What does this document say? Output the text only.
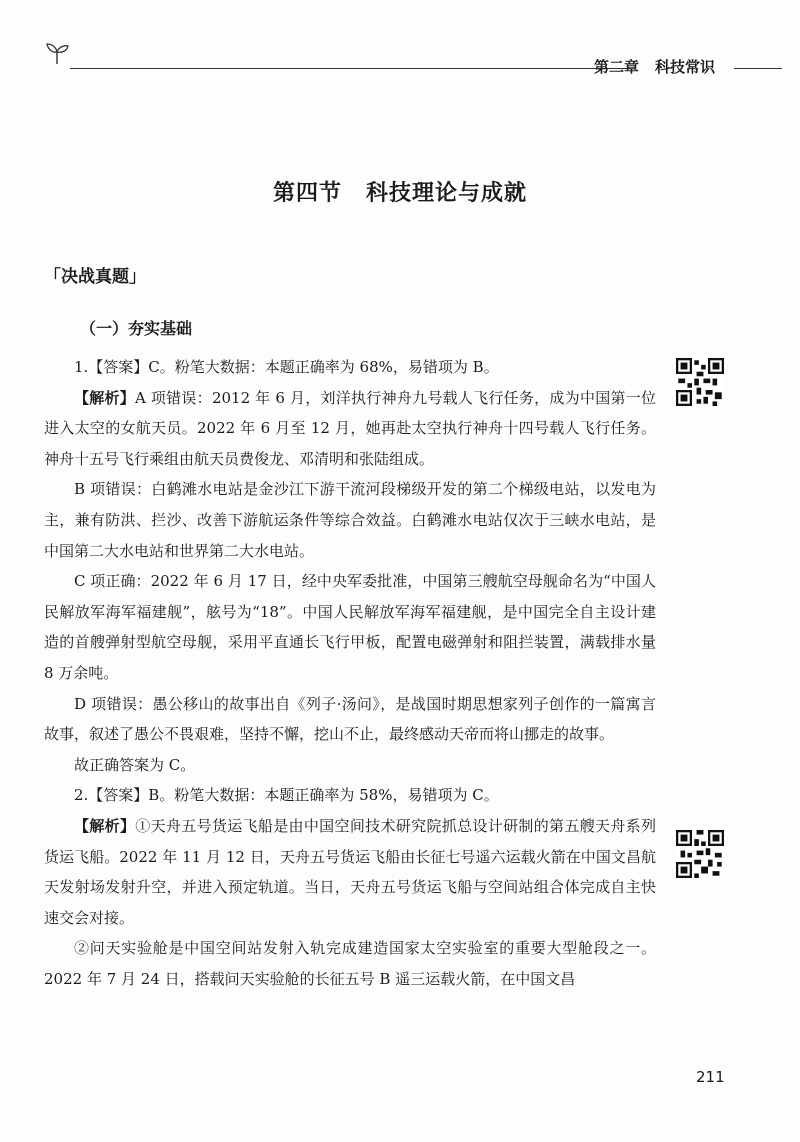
第二章 科技常识
第四节 科技理论与成就
「决战真题」
（一）夯实基础

1.【答案】C。粉笔大数据：本题正确率为 68%，易错项为 B。

【解析】A 项错误：2012 年 6 月，刘洋执行神舟九号载人飞行任务，成为中国第一位进入太空的女航天员。2022 年 6 月至 12 月，她再赴太空执行神舟十四号载人飞行任务。神舟十五号飞行乘组由航天员费俊龙、邓清明和张陆组成。

B 项错误：白鹤滩水电站是金沙江下游干流河段梯级开发的第二个梯级电站，以发电为主，兼有防洪、拦沙、改善下游航运条件等综合效益。白鹤滩水电站仅次于三峡水电站，是中国第二大水电站和世界第二大水电站。

C 项正确：2022 年 6 月 17 日，经中央军委批准，中国第三艘航空母舰命名为“中国人民解放军海军福建舰”，舷号为“18”。中国人民解放军海军福建舰，是中国完全自主设计建造的首艘弹射型航空母舰，采用平直通长飞行甲板，配置电磁弹射和阻拦装置，满载排水量 8 万余吨。

D 项错误：愚公移山的故事出自《列子·汤问》，是战国时期思想家列子创作的一篇寓言故事，叙述了愚公不畏艰难，坚持不懈，挖山不止，最终感动天帝而将山挪走的故事。

故正确答案为 C。

2.【答案】B。粉笔大数据：本题正确率为 58%，易错项为 C。

【解析】①天舟五号货运飞船是由中国空间技术研究院抓总设计研制的第五艘天舟系列货运飞船。2022 年 11 月 12 日，天舟五号货运飞船由长征七号遥六运载火箭在中国文昌航天发射场发射升空，并进入预定轨道。当日，天舟五号货运飞船与空间站组合体完成自主快速交会对接。

②问天实验舱是中国空间站发射入轨完成建造国家太空实验室的重要大型舱段之一。2022 年 7 月 24 日，搭载问天实验舱的长征五号 B 遥三运载火箭，在中国文昌

211
